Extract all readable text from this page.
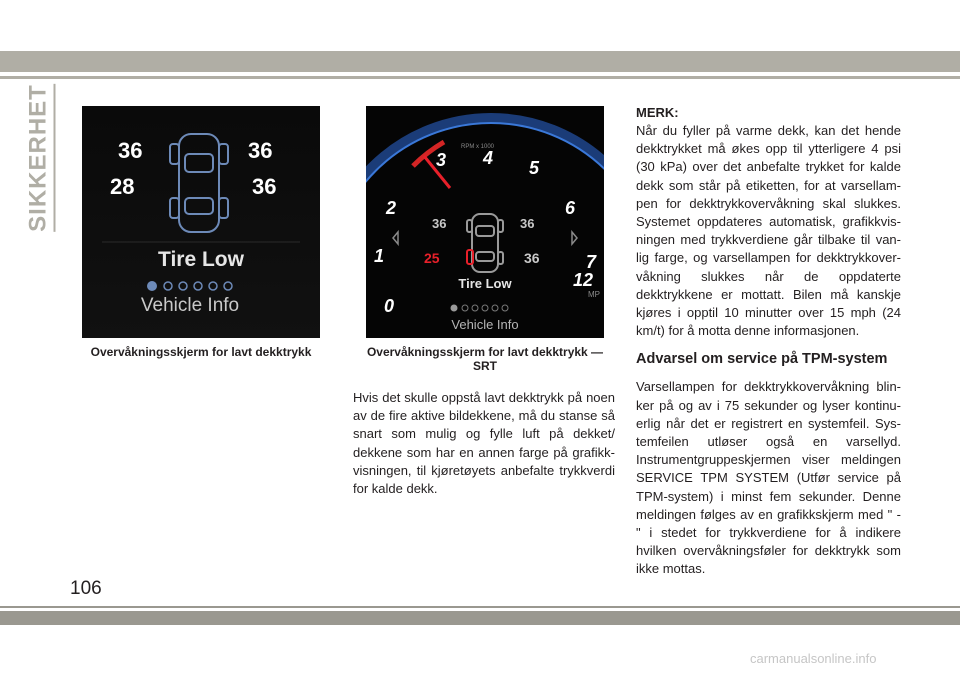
SIKKERHET	36	36
28	36
Tire Low
Vehicle Info
Overvåkningsskjerm for lavt dekktrykk
3 4 5
6
7
2
1
0
RPM x 1000
12
MP
36	36
25	36
Tire Low
Vehicle Info
Overvåkningsskjerm for lavt dekktrykk — SRT

Hvis det skulle oppstå lavt dekktrykk på noen av de fire aktive bildekkene, må du stanse så snart som mulig og fylle luft på dekket/ dekkene som har en annen farge på grafikk-visningen, til kjøretøyets anbefalte trykkverdi for kalde dekk.

MERK:

Når du fyller på varme dekk, kan det hende dekktrykket må økes opp til ytterligere 4 psi (30 kPa) over det anbefalte trykket for kalde dekk som står på etiketten, for at varsellam-pen for dekktrykkovervåkning skal slukkes. Systemet oppdateres automatisk, grafikkvis-ningen med trykkverdiene går tilbake til van-lig farge, og varsellampen for dekktrykkover-våkning slukkes når de oppdaterte dekktrykkene er mottatt. Bilen må kanskje kjøres i opptil 10 minutter over 15 mph (24 km/t) for å motta denne informasjonen.

Advarsel om service på TPM-system

Varsellampen for dekktrykkovervåkning blin-ker på og av i 75 sekunder og lyser kontinu-erlig når det er registrert en systemfeil. Sys-temfeilen utløser også en varsellyd. Instrumentgruppeskjermen viser meldingen SERVICE TPM SYSTEM (Utfør service på TPM-system) i minst fem sekunder. Denne meldingen følges av en grafikkskjerm med " - " i stedet for trykkverdiene for å indikere hvilken overvåkningsføler for dekktrykk som ikke mottas.

106
carmanualsonline.info
